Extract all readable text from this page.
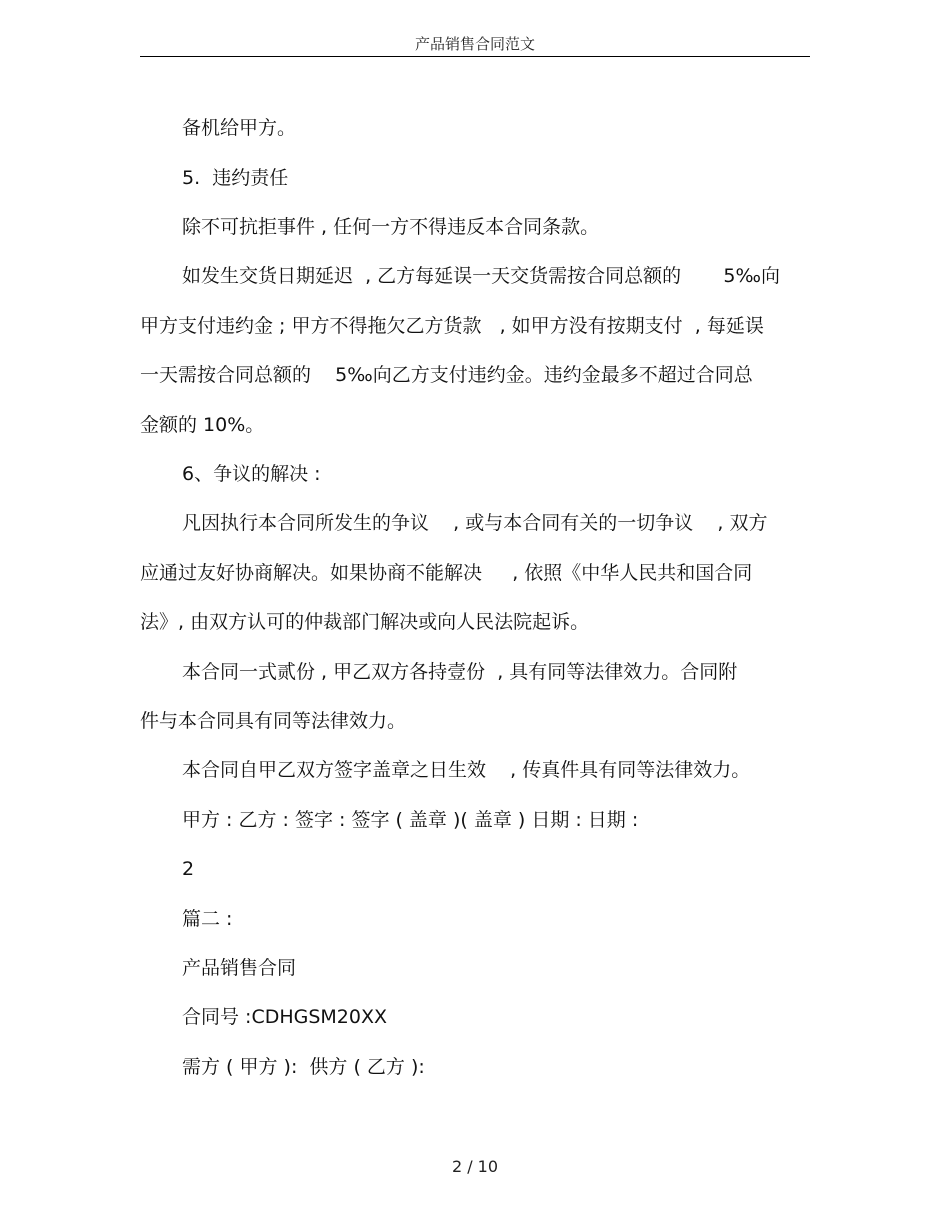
产品销售合同范文
备机给甲方。
5.  违约责任
除不可抗拒事件 , 任何一方不得违反本合同条款。
如发生交货日期延迟  , 乙方每延误一天交货需按合同总额的       5‰向
甲方支付违约金 ; 甲方不得拖欠乙方货款   , 如甲方没有按期支付  , 每延误
一天需按合同总额的    5‰向乙方支付违约金。违约金最多不超过合同总
金额的 10%。
6、争议的解决 :
凡因执行本合同所发生的争议    , 或与本合同有关的一切争议    , 双方
应通过友好协商解决。如果协商不能解决     , 依照《中华人民共和国合同
法》, 由双方认可的仲裁部门解决或向人民法院起诉。
本合同一式贰份 , 甲乙双方各持壹份  , 具有同等法律效力。合同附
件与本合同具有同等法律效力。
本合同自甲乙双方签字盖章之日生效    , 传真件具有同等法律效力。
甲方 : 乙方 : 签字 : 签字 ( 盖章 )( 盖章 ) 日期 : 日期 :
2
篇二 :
产品销售合同
合同号 :CDHGSM20XX
需方 ( 甲方 ):  供方 ( 乙方 ):
2 / 10
